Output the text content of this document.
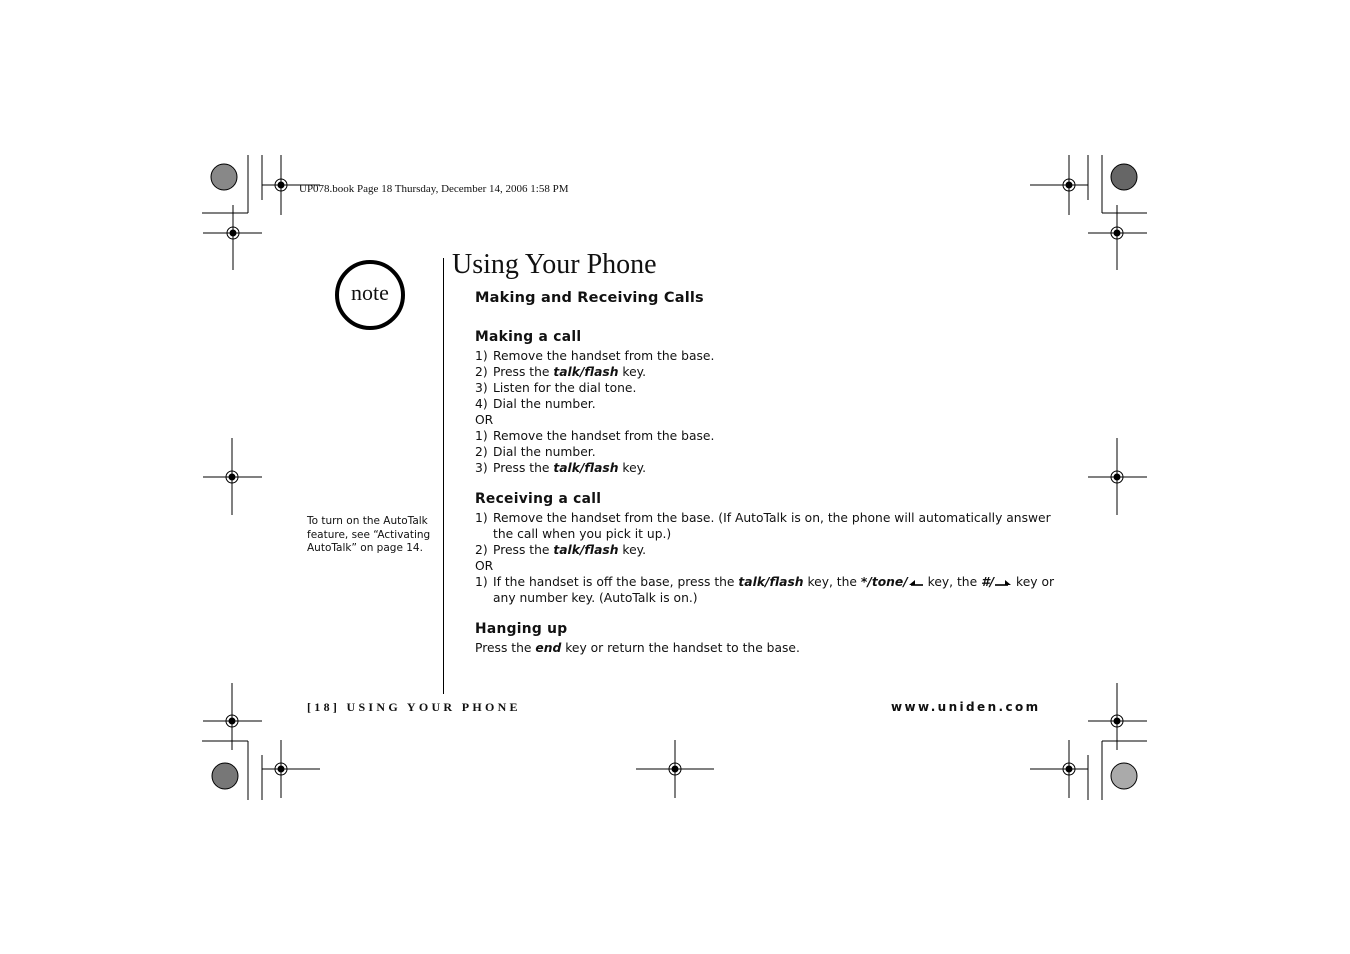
UP078.book Page 18 Thursday, December 14, 2006 1:58 PM
note
To turn on the AutoTalk feature, see “Activating AutoTalk” on page 14.
Using Your Phone
Making and Receiving Calls
Making a call
1) Remove the handset from the base.
2) Press the talk/flash key.
3) Listen for the dial tone.
4) Dial the number.
OR
1) Remove the handset from the base.
2) Dial the number.
3) Press the talk/flash key.
Receiving a call
1) Remove the handset from the base. (If AutoTalk is on, the phone will automatically answer the call when you pick it up.)
2) Press the talk/flash key.
OR
1) If the handset is off the base, press the talk/flash key, the */tone/ key, the #/ key or any number key. (AutoTalk is on.)
Hanging up
Press the end key or return the handset to the base.
[18] USING YOUR PHONE	www.uniden.com
